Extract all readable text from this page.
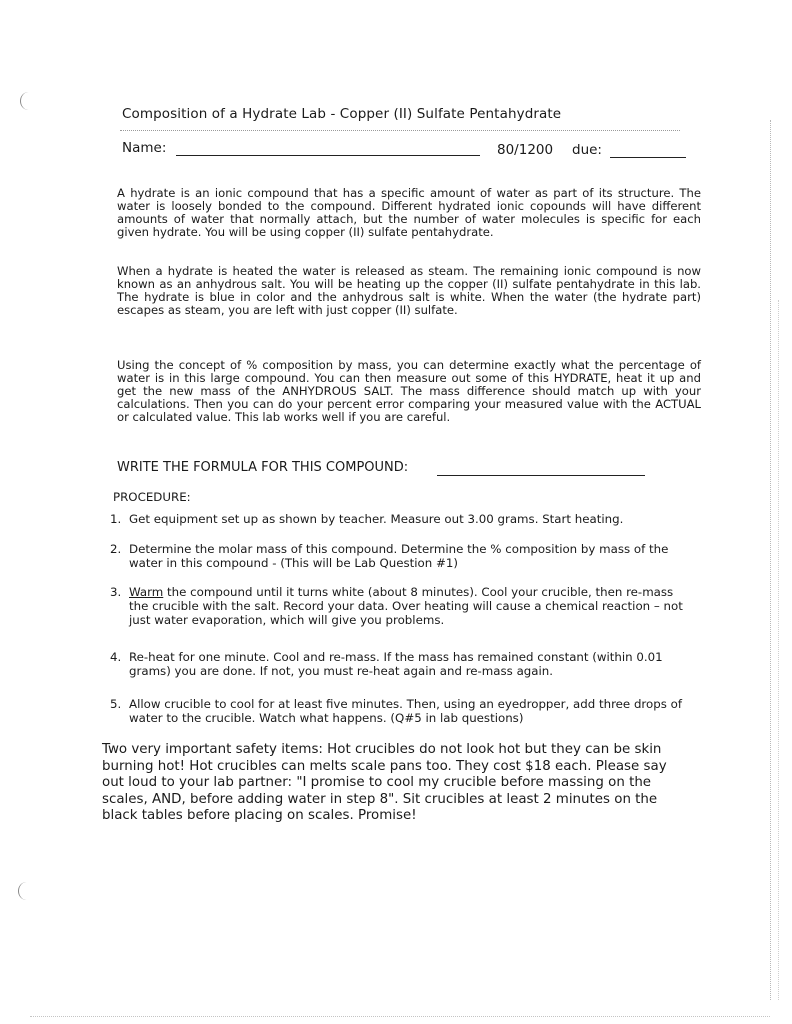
Composition of a Hydrate Lab - Copper (II) Sulfate Pentahydrate
Name:	80/1200 due:

A hydrate is an ionic compound that has a specific amount of water as part of its structure. The water is loosely bonded to the compound. Different hydrated ionic copounds will have different amounts of water that normally attach, but the number of water molecules is specific for each given hydrate. You will be using copper (II) sulfate pentahydrate.

When a hydrate is heated the water is released as steam. The remaining ionic compound is now known as an anhydrous salt. You will be heating up the copper (II) sulfate pentahydrate in this lab. The hydrate is blue in color and the anhydrous salt is white. When the water (the hydrate part) escapes as steam, you are left with just copper (II) sulfate.

Using the concept of % composition by mass, you can determine exactly what the percentage of water is in this large compound. You can then measure out some of this HYDRATE, heat it up and get the new mass of the ANHYDROUS SALT. The mass difference should match up with your calculations. Then you can do your percent error comparing your measured value with the ACTUAL or calculated value. This lab works well if you are careful.

WRITE THE FORMULA FOR THIS COMPOUND:
PROCEDURE:
1. Get equipment set up as shown by teacher. Measure out 3.00 grams. Start heating.
2. Determine the molar mass of this compound. Determine the % composition by mass of the water in this compound - (This will be Lab Question #1)
3. Warm the compound until it turns white (about 8 minutes). Cool your crucible, then re-mass the crucible with the salt. Record your data. Over heating will cause a chemical reaction – not just water evaporation, which will give you problems.
4. Re-heat for one minute. Cool and re-mass. If the mass has remained constant (within 0.01 grams) you are done. If not, you must re-heat again and re-mass again.
5. Allow crucible to cool for at least five minutes. Then, using an eyedropper, add three drops of water to the crucible. Watch what happens. (Q#5 in lab questions)
Two very important safety items: Hot crucibles do not look hot but they can be skin burning hot! Hot crucibles can melts scale pans too. They cost $18 each. Please say out loud to your lab partner: "I promise to cool my crucible before massing on the scales, AND, before adding water in step 8". Sit crucibles at least 2 minutes on the black tables before placing on scales. Promise!
